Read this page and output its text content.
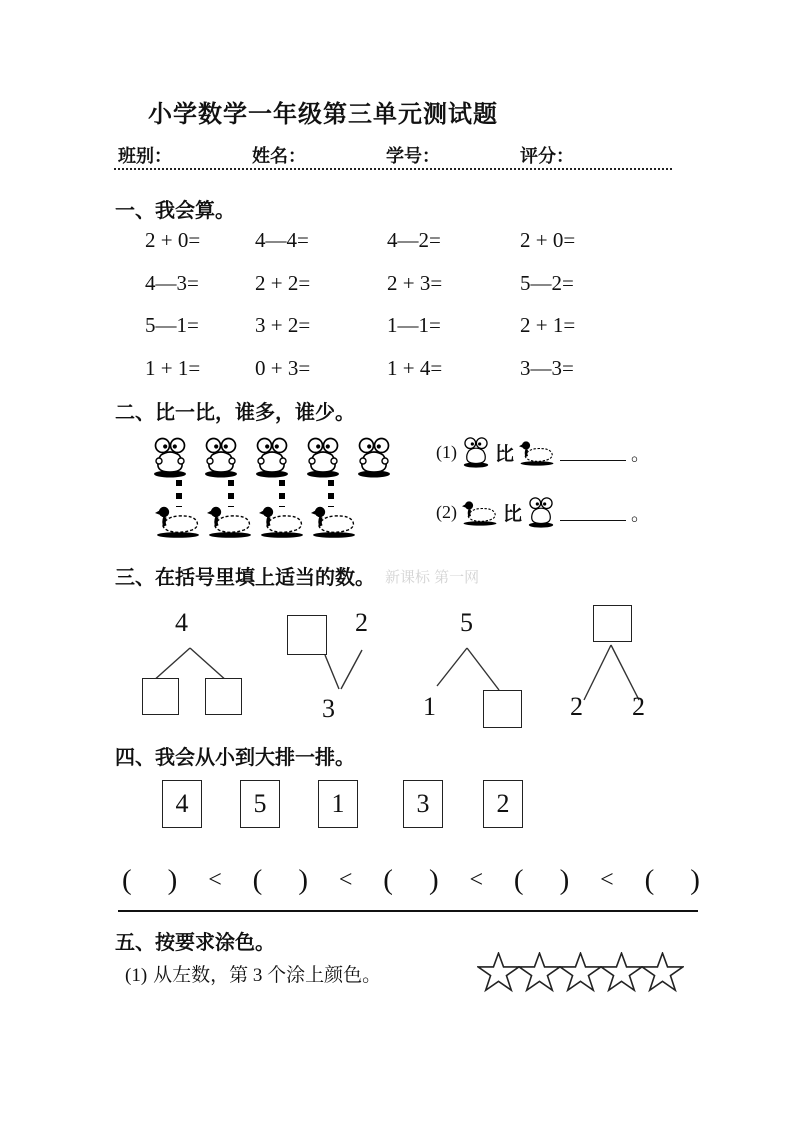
小学数学一年级第三单元测试题
班别：	姓名：	学号：	评分：
一、我会算。
2 + 0=	4—4=	4—2=	2 + 0=
4—3=	2 + 2=	2 + 3=	5—2=
5—1=	3 + 2=	1—1=	2 + 1=
1 + 1=	0 + 3=	1 + 4=	3—3=
二、比一比，谁多，谁少。
(1) 比	。
(2) 比	。
三、在括号里填上适当的数。 新课标 第一网
4	2
3
5
1	2 2
四、我会从小到大排一排。
4	5	1	3	2
( ) < ( ) < ( ) < ( ) < ( )
五、按要求涂色。
(1) 从左数，第 3 个涂上颜色。
